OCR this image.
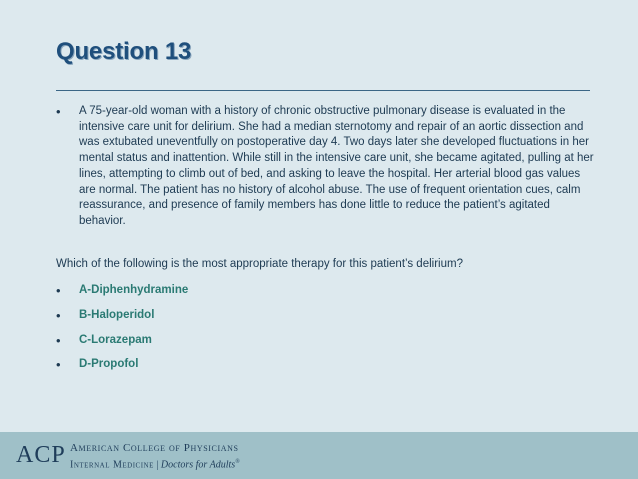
Question 13
• A 75-year-old woman with a history of chronic obstructive pulmonary disease is evaluated in the intensive care unit for delirium. She had a median sternotomy and repair of an aortic dissection and was extubated uneventfully on postoperative day 4. Two days later she developed fluctuations in her mental status and inattention. While still in the intensive care unit, she became agitated, pulling at her lines, attempting to climb out of bed, and asking to leave the hospital. Her arterial blood gas values are normal. The patient has no history of alcohol abuse. The use of frequent orientation cues, calm reassurance, and presence of family members has done little to reduce the patient’s agitated behavior.
Which of the following is the most appropriate therapy for this patient’s delirium?
• A-Diphenhydramine
• B-Haloperidol
• C-Lorazepam
• D-Propofol
ACP American College of Physicians
Internal Medicine | Doctors for Adults®
